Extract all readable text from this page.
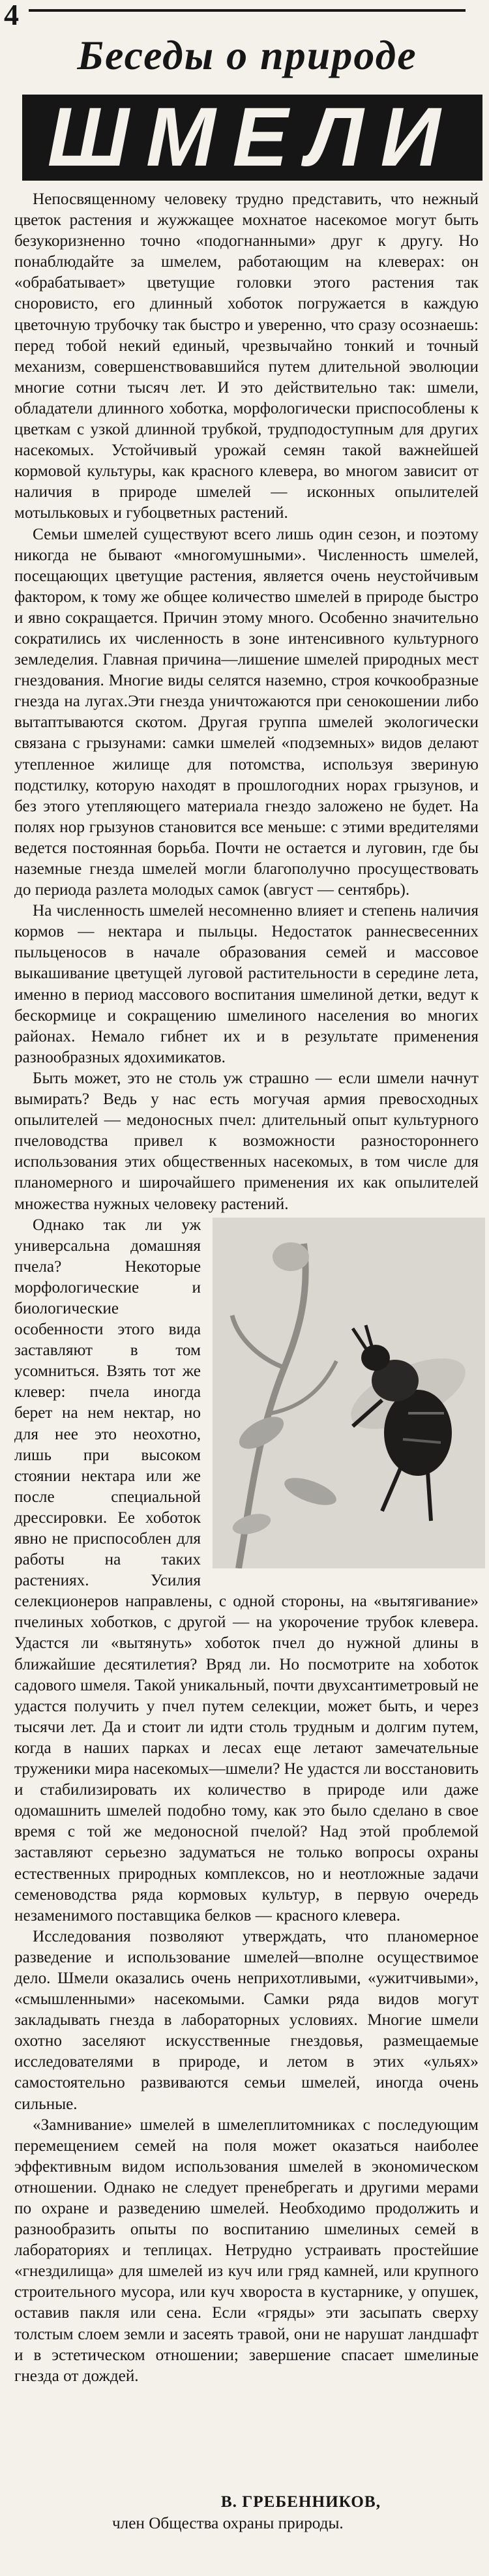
4
Беседы о природе
ШМЕЛИ

Непосвященному человеку трудно представить, что нежный цветок растения и жужжащее мохнатое насекомое могут быть безукоризненно точно «подогнанными» друг к другу. Но понаблюдайте за шмелем, работающим на клеверах: он «обрабатывает» цветущие головки этого растения так сноровисто, его длинный хоботок погружается в каждую цветочную трубочку так быстро и уверенно, что сразу осознаешь: перед тобой некий единый, чрезвычайно тонкий и точный механизм, совершенствовавшийся путем длительной эволюции многие сотни тысяч лет. И это действительно так: шмели, обладатели длинного хоботка, морфологически приспособлены к цветкам с узкой длинной трубкой, трудподоступным для других насекомых. Устойчивый урожай семян такой важнейшей кормовой культуры, как красного клевера, во многом зависит от наличия в природе шмелей — исконных опылителей мотыльковых и губоцветных растений.

Семьи шмелей существуют всего лишь один сезон, и поэтому никогда не бывают «многомушными». Численность шмелей, посещающих цветущие растения, является очень неустойчивым фактором, к тому же общее количество шмелей в природе быстро и явно сокращается. Причин этому много. Особенно значительно сократились их численность в зоне интенсивного культурного земледелия. Главная причина—лишение шмелей природных мест гнездования. Многие виды селятся наземно, строя кочкообразные гнезда на лугах.Эти гнезда уничтожаются при сенокошении либо вытаптываются скотом. Другая группа шмелей экологически связана с грызунами: самки шмелей «подземных» видов делают утепленное жилище для потомства, используя звериную подстилку, которую находят в прошлогодних норах грызунов, и без этого утепляющего материала гнездо заложено не будет. На полях нор грызунов становится все меньше: с этими вредителями ведется постоянная борьба. Почти не остается и луговин, где бы наземные гнезда шмелей могли благополучно просуществовать до периода разлета молодых самок (август — сентябрь).

На численность шмелей несомненно влияет и степень наличия кормов — нектара и пыльцы. Недостаток раннесвесенних пыльценосов в начале образования семей и массовое выкашивание цветущей луговой растительности в середине лета, именно в период массового воспитания шмелиной детки, ведут к бескормице и сокращению шмелиного населения во многих районах. Немало гибнет их и в результате применения разнообразных ядохимикатов.

Быть может, это не столь уж страшно — если шмели начнут вымирать? Ведь у нас есть могучая армия превосходных опылителей — медоносных пчел: длительный опыт культурного пчеловодства привел к возможности разностороннего использования этих общественных насекомых, в том числе для планомерного и широчайшего применения их как опылителей множества нужных человеку растений.

Однако так ли уж универсальна домашняя пчела? Некоторые морфологические и биологические особенности этого вида заставляют в том усомниться. Взять тот же клевер: пчела иногда берет на нем нектар, но для нее это неохотно, лишь при высоком стоянии нектара или же после специальной дрессировки. Ее хоботок явно не приспособлен для работы на таких растениях. Усилия селекционеров направлены, с одной стороны, на «вытягивание» пчелиных хоботков, с другой — на укорочение трубок клевера. Удастся ли «вытянуть» хоботок пчел до нужной длины в ближайшие десятилетия? Вряд ли. Но посмотрите на хоботок садового шмеля. Такой уникальный, почти двухсантиметровый не удастся получить у пчел путем селекции, может быть, и через тысячи лет. Да и стоит ли идти столь трудным и долгим путем, когда в наших парках и лесах еще летают замечательные труженики мира насекомых—шмели? Не удастся ли восстановить и стабилизировать их количество в природе или даже одомашнить шмелей подобно тому, как это было сделано в свое время с той же медоносной пчелой? Над этой проблемой заставляют серьезно задуматься не только вопросы охраны естественных природных комплексов, но и неотложные задачи семеноводства ряда кормовых культур, в первую очередь незаменимого поставщика белков — красного клевера.

Исследования позволяют утверждать, что планомерное разведение и использование шмелей—вполне осуществимое дело. Шмели оказались очень неприхотливыми, «ужитчивыми», «смышленными» насекомыми. Самки ряда видов могут закладывать гнезда в лабораторных условиях. Многие шмели охотно заселяют искусственные гнездовья, размещаемые исследователями в природе, и летом в этих «ульях» самостоятельно развиваются семьи шмелей, иногда очень сильные.

«Замнивание» шмелей в шмелеплитомниках с последующим перемещением семей на поля может оказаться наиболее эффективным видом использования шмелей в экономическом отношении. Однако не следует пренебрегать и другими мерами по охране и разведению шмелей. Необходимо продолжить и разнообразить опыты по воспитанию шмелиных семей в лабораториях и теплицах. Нетрудно устраивать простейшие «гнездилища» для шмелей из куч или гряд камней, или крупного строительного мусора, или куч хвороста в кустарнике, у опушек, оставив пакля или сена. Если «гряды» эти засыпать сверху толстым слоем земли и засеять травой, они не нарушат ландшафт и в эстетическом отношении; завершение спасает шмелиные гнезда от дождей.

В. ГРЕБЕННИКОВ,
член Общества охраны природы.
